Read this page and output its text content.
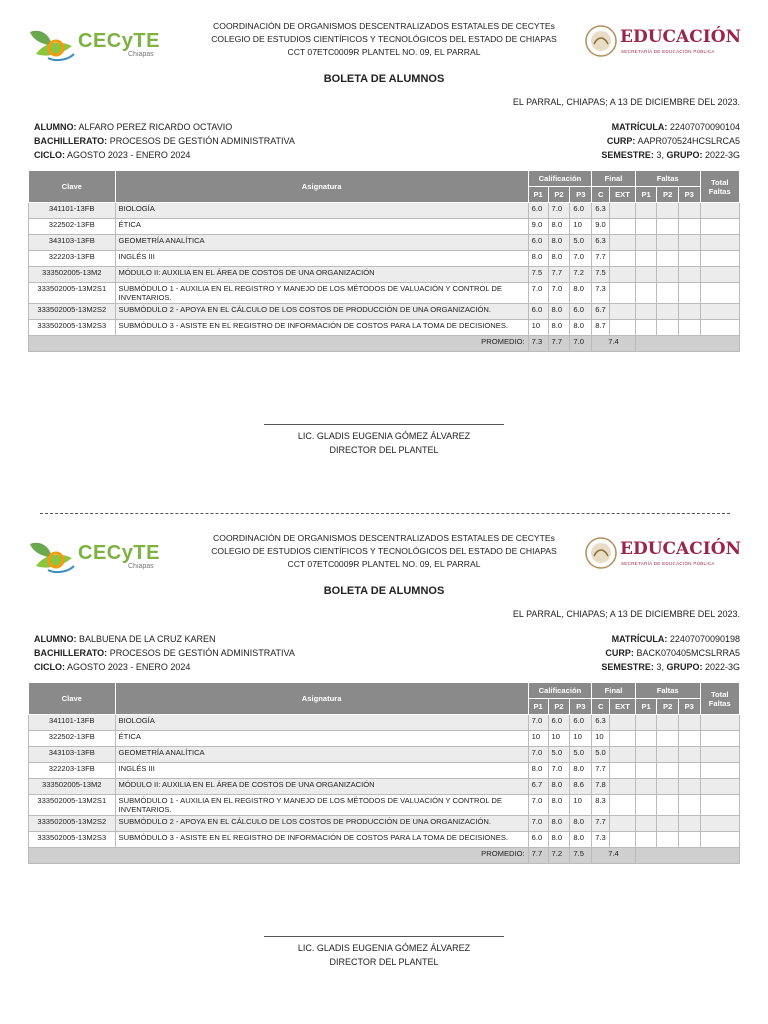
CECyTE
Chiapas
COORDINACIÓN DE ORGANISMOS DESCENTRALIZADOS ESTATALES DE CECYTEs
COLEGIO DE ESTUDIOS CIENTÍFICOS Y TECNOLÓGICOS DEL ESTADO DE CHIAPAS
CCT 07ETC0009R PLANTEL NO. 09, EL PARRAL
EDUCACIÓN
SECRETARÍA DE EDUCACIÓN PÚBLICA
BOLETA DE ALUMNOS
EL PARRAL, CHIAPAS; A 13 DE DICIEMBRE DEL 2023.
ALUMNO: ALFARO PEREZ RICARDO OCTAVIO
BACHILLERATO: PROCESOS DE GESTIÓN ADMINISTRATIVA
CICLO: AGOSTO 2023 - ENERO 2024
MATRÍCULA: 22407070090104
CURP: AAPR070524HCSLRCA5
SEMESTRE: 3, GRUPO: 2022-3G
Clave	Asignatura	Calificación			Final		Faltas			Total Faltas
		P1	P2	P3	C	EXT	P1	P2	P3	
341101-13FB	BIOLOGÍA	6.0	7.0	6.0	6.3					
322502-13FB	ÉTICA	9.0	8.0	10	9.0					
343103-13FB	GEOMETRÍA ANALÍTICA	6.0	8.0	5.0	6.3					
322203-13FB	INGLÉS III	8.0	8.0	7.0	7.7					
333502005-13M2	MÓDULO II: AUXILIA EN EL ÁREA DE COSTOS DE UNA ORGANIZACIÓN	7.5	7.7	7.2	7.5					
333502005-13M2S1	SUBMÓDULO 1 - AUXILIA EN EL REGISTRO Y MANEJO DE LOS MÉTODOS DE VALUACIÓN Y CONTROL DE INVENTARIOS.	7.0	7.0	8.0	7.3					
333502005-13M2S2	SUBMÓDULO 2 - APOYA EN EL CÁLCULO DE LOS COSTOS DE PRODUCCIÓN DE UNA ORGANIZACIÓN.	6.0	8.0	6.0	6.7					
333502005-13M2S3	SUBMÓDULO 3 - ASISTE EN EL REGISTRO DE INFORMACIÓN DE COSTOS PARA LA TOMA DE DECISIONES.	10	8.0	8.0	8.7					
PROMEDIO:		7.3	7.7	7.0	7.4					
LIC. GLADIS EUGENIA GÓMEZ ÁLVAREZ
DIRECTOR DEL PLANTEL
CECyTE
Chiapas
COORDINACIÓN DE ORGANISMOS DESCENTRALIZADOS ESTATALES DE CECYTEs
COLEGIO DE ESTUDIOS CIENTÍFICOS Y TECNOLÓGICOS DEL ESTADO DE CHIAPAS
CCT 07ETC0009R PLANTEL NO. 09, EL PARRAL
EDUCACIÓN
SECRETARÍA DE EDUCACIÓN PÚBLICA
BOLETA DE ALUMNOS
EL PARRAL, CHIAPAS; A 13 DE DICIEMBRE DEL 2023.
ALUMNO: BALBUENA DE LA CRUZ KAREN
BACHILLERATO: PROCESOS DE GESTIÓN ADMINISTRATIVA
CICLO: AGOSTO 2023 - ENERO 2024
MATRÍCULA: 22407070090198
CURP: BACK070405MCSLRRA5
SEMESTRE: 3, GRUPO: 2022-3G
Clave	Asignatura	Calificación			Final		Faltas			Total Faltas
		P1	P2	P3	C	EXT	P1	P2	P3	
341101-13FB	BIOLOGÍA	7.0	6.0	6.0	6.3					
322502-13FB	ÉTICA	10	10	10	10					
343103-13FB	GEOMETRÍA ANALÍTICA	7.0	5.0	5.0	5.0					
322203-13FB	INGLÉS III	8.0	7.0	8.0	7.7					
333502005-13M2	MÓDULO II: AUXILIA EN EL ÁREA DE COSTOS DE UNA ORGANIZACIÓN	6.7	8.0	8.6	7.8					
333502005-13M2S1	SUBMÓDULO 1 - AUXILIA EN EL REGISTRO Y MANEJO DE LOS MÉTODOS DE VALUACIÓN Y CONTROL DE INVENTARIOS.	7.0	8.0	10	8.3					
333502005-13M2S2	SUBMÓDULO 2 - APOYA EN EL CÁLCULO DE LOS COSTOS DE PRODUCCIÓN DE UNA ORGANIZACIÓN.	7.0	8.0	8.0	7.7					
333502005-13M2S3	SUBMÓDULO 3 - ASISTE EN EL REGISTRO DE INFORMACIÓN DE COSTOS PARA LA TOMA DE DECISIONES.	6.0	8.0	8.0	7.3					
PROMEDIO:		7.7	7.2	7.5	7.4					
LIC. GLADIS EUGENIA GÓMEZ ÁLVAREZ
DIRECTOR DEL PLANTEL
